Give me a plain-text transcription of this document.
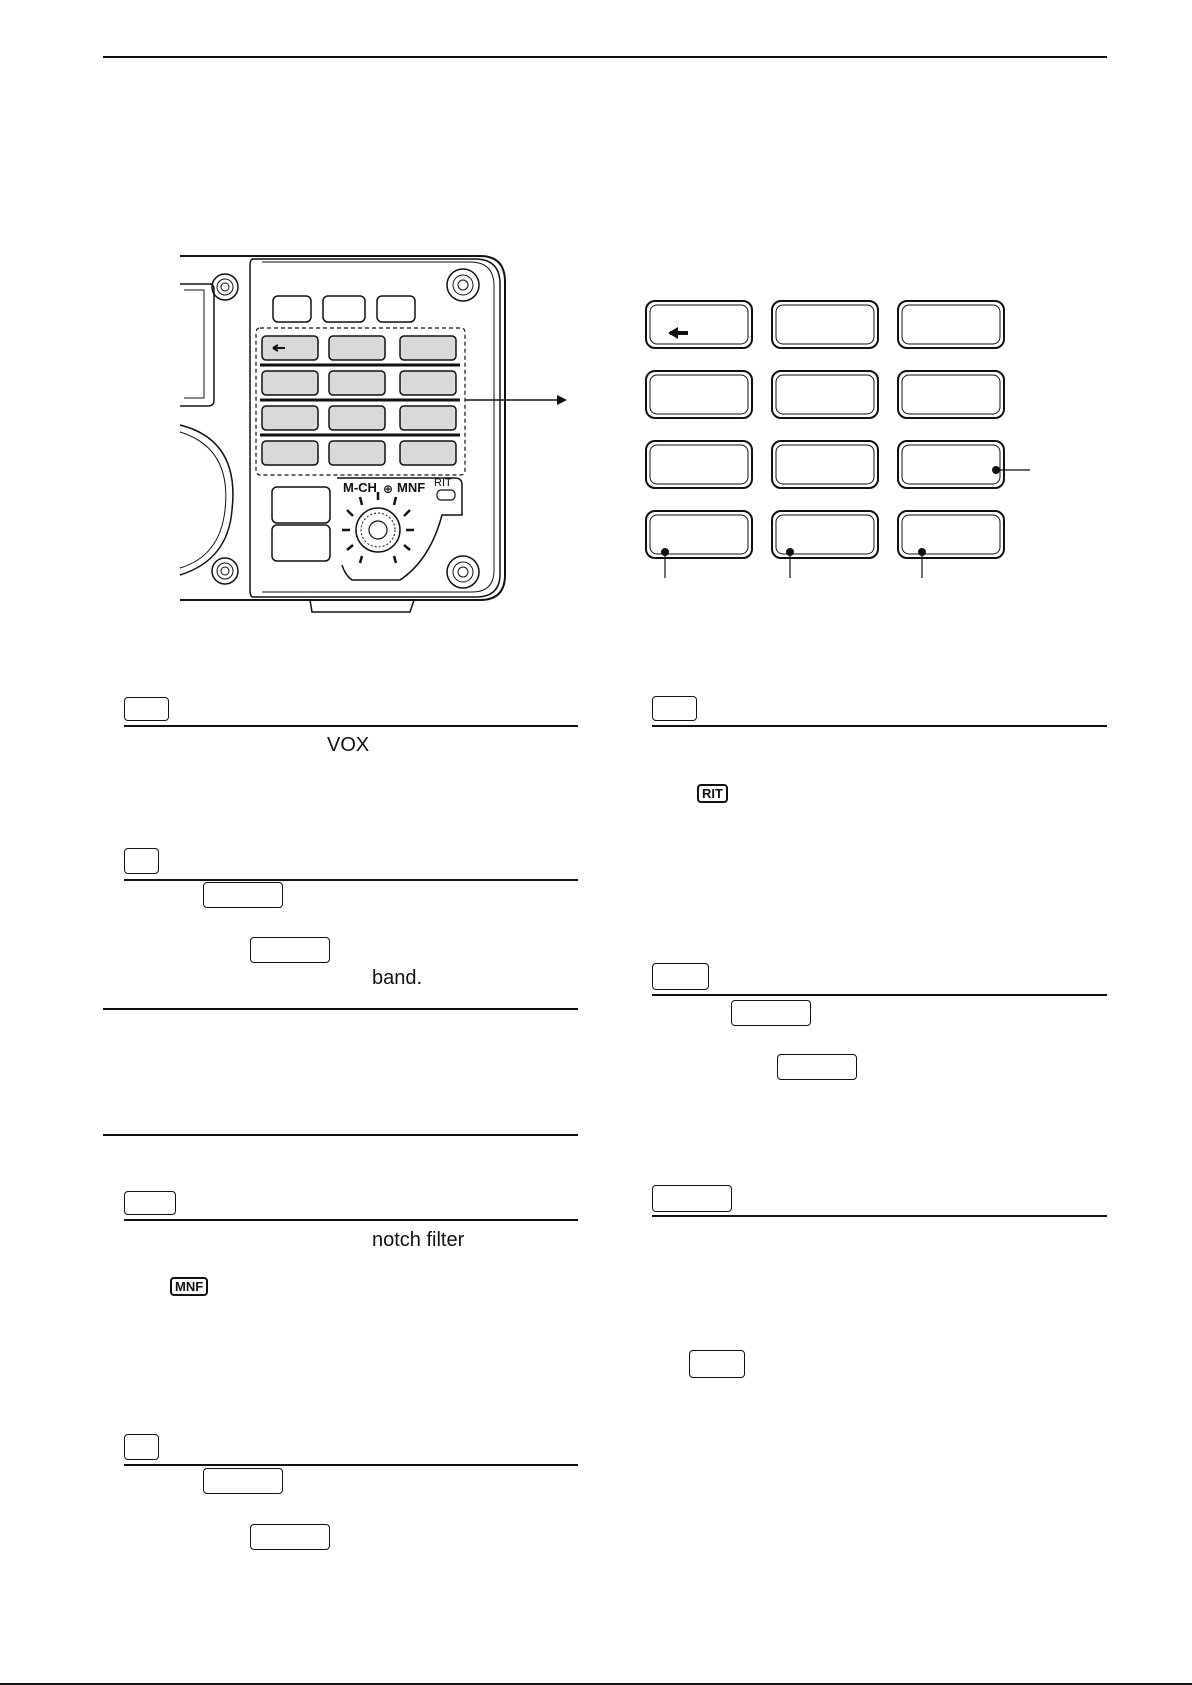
M-CH ⊕ MNF RIT
VOX
band.
notch filter
MNF
RIT
